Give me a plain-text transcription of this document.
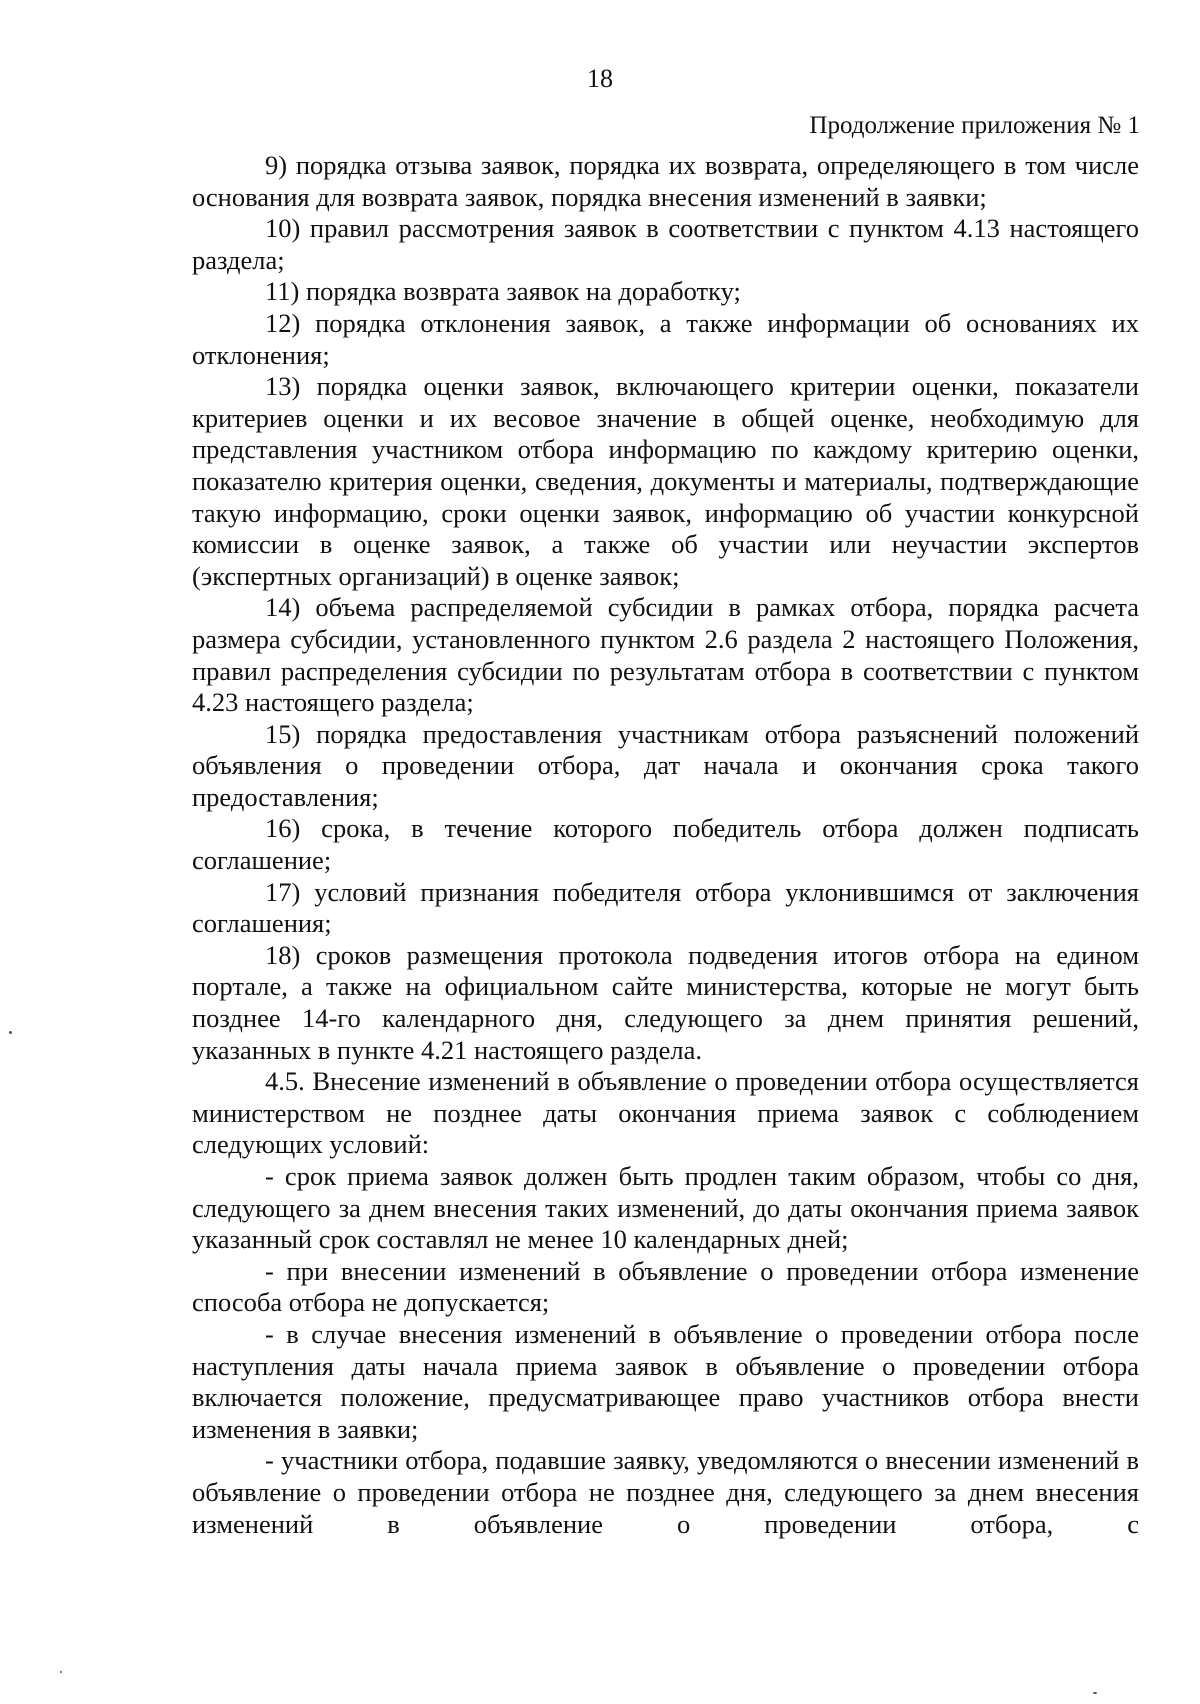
18
Продолжение приложения № 1

9) порядка отзыва заявок, порядка их возврата, определяющего в том числе основания для возврата заявок, порядка внесения изменений в заявки;

10) правил рассмотрения заявок в соответствии с пунктом 4.13 настоящего раздела;

11) порядка возврата заявок на доработку;

12) порядка отклонения заявок, а также информации об основаниях их отклонения;

13) порядка оценки заявок, включающего критерии оценки, показатели критериев оценки и их весовое значение в общей оценке, необходимую для представления участником отбора информацию по каждому критерию оценки, показателю критерия оценки, сведения, документы и материалы, подтверждающие такую информацию, сроки оценки заявок, информацию об участии конкурсной комиссии в оценке заявок, а также об участии или неучастии экспертов (экспертных организаций) в оценке заявок;

14) объема распределяемой субсидии в рамках отбора, порядка расчета размера субсидии, установленного пунктом 2.6 раздела 2 настоящего Положения, правил распределения субсидии по результатам отбора в соответствии с пунктом 4.23 настоящего раздела;

15) порядка предоставления участникам отбора разъяснений положений объявления о проведении отбора, дат начала и окончания срока такого предоставления;

16) срока, в течение которого победитель отбора должен подписать соглашение;

17) условий признания победителя отбора уклонившимся от заключения соглашения;

18) сроков размещения протокола подведения итогов отбора на едином портале, а также на официальном сайте министерства, которые не могут быть позднее 14-го календарного дня, следующего за днем принятия решений, указанных в пункте 4.21 настоящего раздела.

4.5. Внесение изменений в объявление о проведении отбора осуществляется министерством не позднее даты окончания приема заявок с соблюдением следующих условий:

- срок приема заявок должен быть продлен таким образом, чтобы со дня, следующего за днем внесения таких изменений, до даты окончания приема заявок указанный срок составлял не менее 10 календарных дней;

- при внесении изменений в объявление о проведении отбора изменение способа отбора не допускается;

- в случае внесения изменений в объявление о проведении отбора после наступления даты начала приема заявок в объявление о проведении отбора включается положение, предусматривающее право участников отбора внести изменения в заявки;

- участники отбора, подавшие заявку, уведомляются о внесении изменений в объявление о проведении отбора не позднее дня, следующего за днем внесения изменений в объявление о проведении отбора, с
